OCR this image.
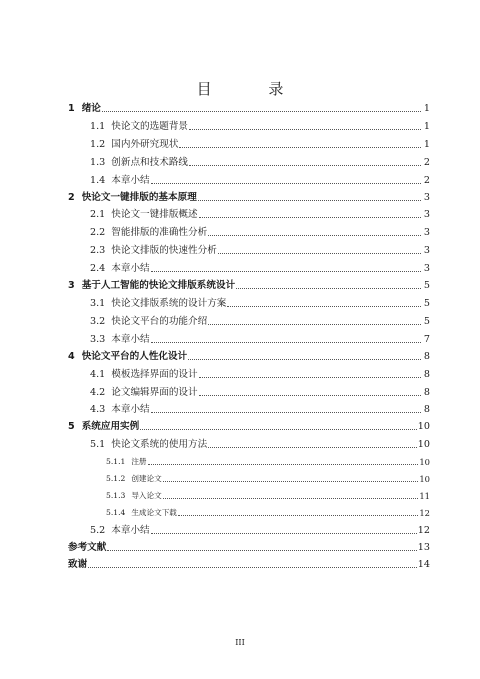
目 录
1 绪论	1
1.1 快论文的选题背景	1
1.2 国内外研究现状	1
1.3 创新点和技术路线	2
1.4 本章小结	2
2 快论文一键排版的基本原理	3
2.1 快论文一键排版概述	3
2.2 智能排版的准确性分析	3
2.3 快论文排版的快速性分析	3
2.4 本章小结	3
3 基于人工智能的快论文排版系统设计	5
3.1 快论文排版系统的设计方案	5
3.2 快论文平台的功能介绍	5
3.3 本章小结	7
4 快论文平台的人性化设计	8
4.1 模板选择界面的设计	8
4.2 论文编辑界面的设计	8
4.3 本章小结	8
5 系统应用实例	10
5.1 快论文系统的使用方法	10
5.1.1 注册	10
5.1.2 创建论文	10
5.1.3 导入论文	11
5.1.4 生成论文下载	12
5.2 本章小结	12
参考文献	13
致谢	14
III
